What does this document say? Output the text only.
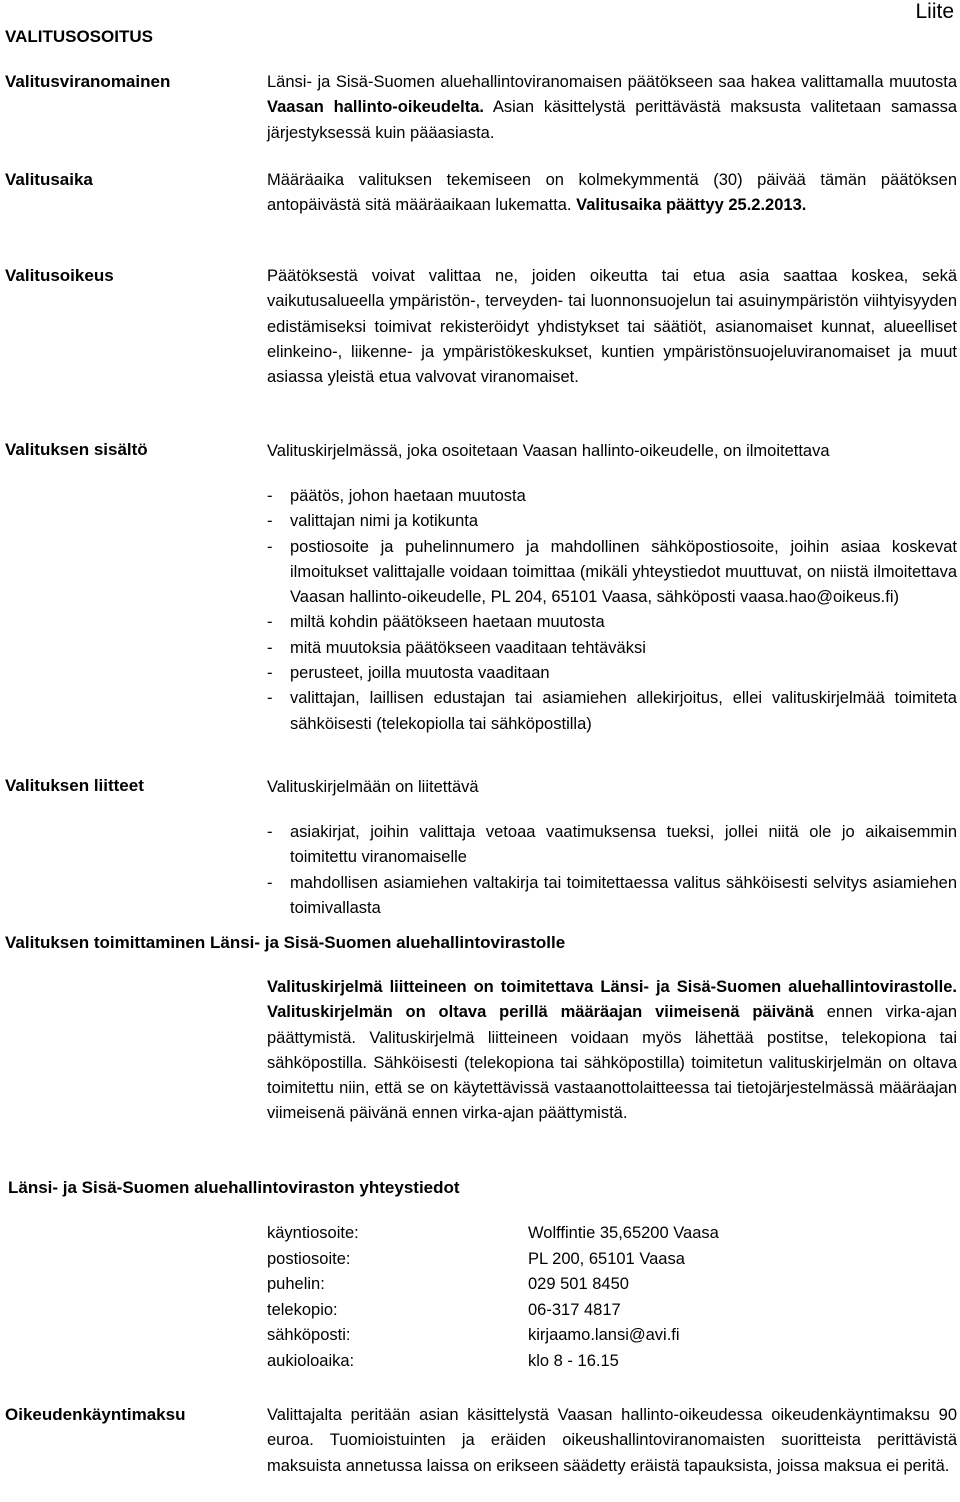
VALITUSOSOITUS
Liite
Valitusviranomainen	Länsi- ja Sisä-Suomen aluehallintoviranomaisen päätökseen saa hakea valittamalla muutosta Vaasan hallinto-oikeudelta. Asian käsittelystä perittävästä maksusta valitetaan samassa järjestyksessä kuin pääasiasta.
Valitusaika	Määräaika valituksen tekemiseen on kolmekymmentä (30) päivää tämän päätöksen antopäivästä sitä määräaikaan lukematta. Valitusaika päättyy 25.2.2013.
Valitusoikeus	Päätöksestä voivat valittaa ne, joiden oikeutta tai etua asia saattaa koskea, sekä vaikutusalueella ympäristön-, terveyden- tai luonnonsuojelun tai asuinympäristön viihtyisyyden edistämiseksi toimivat rekisteröidyt yhdistykset tai säätiöt, asianomaiset kunnat, alueelliset elinkeino-, liikenne- ja ympäristökeskukset, kuntien ympäristönsuojeluviranomaiset ja muut asiassa yleistä etua valvovat viranomaiset.
Valituksen sisältö	Valituskirjelmässä, joka osoitetaan Vaasan hallinto-oikeudelle, on ilmoitettava
-	päätös, johon haetaan muutosta
-	valittajan nimi ja kotikunta
-	postiosoite ja puhelinnumero ja mahdollinen sähköpostiosoite, joihin asiaa koskevat ilmoitukset valittajalle voidaan toimittaa (mikäli yhteystiedot muuttuvat, on niistä ilmoitettava Vaasan hallinto-oikeudelle, PL 204, 65101 Vaasa, sähköposti vaasa.hao@oikeus.fi)
-	miltä kohdin päätökseen haetaan muutosta
-	mitä muutoksia päätökseen vaaditaan tehtäväksi
-	perusteet, joilla muutosta vaaditaan
-	valittajan, laillisen edustajan tai asiamiehen allekirjoitus, ellei valituskirjelmää toimiteta sähköisesti (telekopiolla tai sähköpostilla)
Valituksen liitteet	Valituskirjelmään on liitettävä
-	asiakirjat, joihin valittaja vetoaa vaatimuksensa tueksi, jollei niitä ole jo aikaisemmin toimitettu viranomaiselle
-	mahdollisen asiamiehen valtakirja tai toimitettaessa valitus sähköisesti selvitys asiamiehen toimivallasta
Valituksen toimittaminen Länsi- ja Sisä-Suomen aluehallintovirastolle
Valituskirjelmä liitteineen on toimitettava Länsi- ja Sisä-Suomen aluehallintovirastolle. Valituskirjelmän on oltava perillä määräajan viimeisenä päivänä ennen virka-ajan päättymistä. Valituskirjelmä liitteineen voidaan myös lähettää postitse, telekopiona tai sähköpostilla. Sähköisesti (telekopiona tai sähköpostilla) toimitetun valituskirjelmän on oltava toimitettu niin, että se on käytettävissä vastaanottolaitteessa tai tietojärjestelmässä määräajan viimeisenä päivänä ennen virka-ajan päättymistä.
Länsi- ja Sisä-Suomen aluehallintoviraston yhteystiedot
käyntiosoite:	Wolffintie 35,65200 Vaasa
postiosoite:	PL 200, 65101 Vaasa
puhelin:	029 501 8450
telekopio:	06-317 4817
sähköposti:	kirjaamo.lansi@avi.fi
aukioloaika:	klo 8 - 16.15
Oikeudenkäyntimaksu	Valittajalta peritään asian käsittelystä Vaasan hallinto-oikeudessa oikeudenkäyntimaksu 90 euroa. Tuomioistuinten ja eräiden oikeushallintoviranomaisten suoritteista perittävistä maksuista annetussa laissa on erikseen säädetty eräistä tapauksista, joissa maksua ei peritä.
